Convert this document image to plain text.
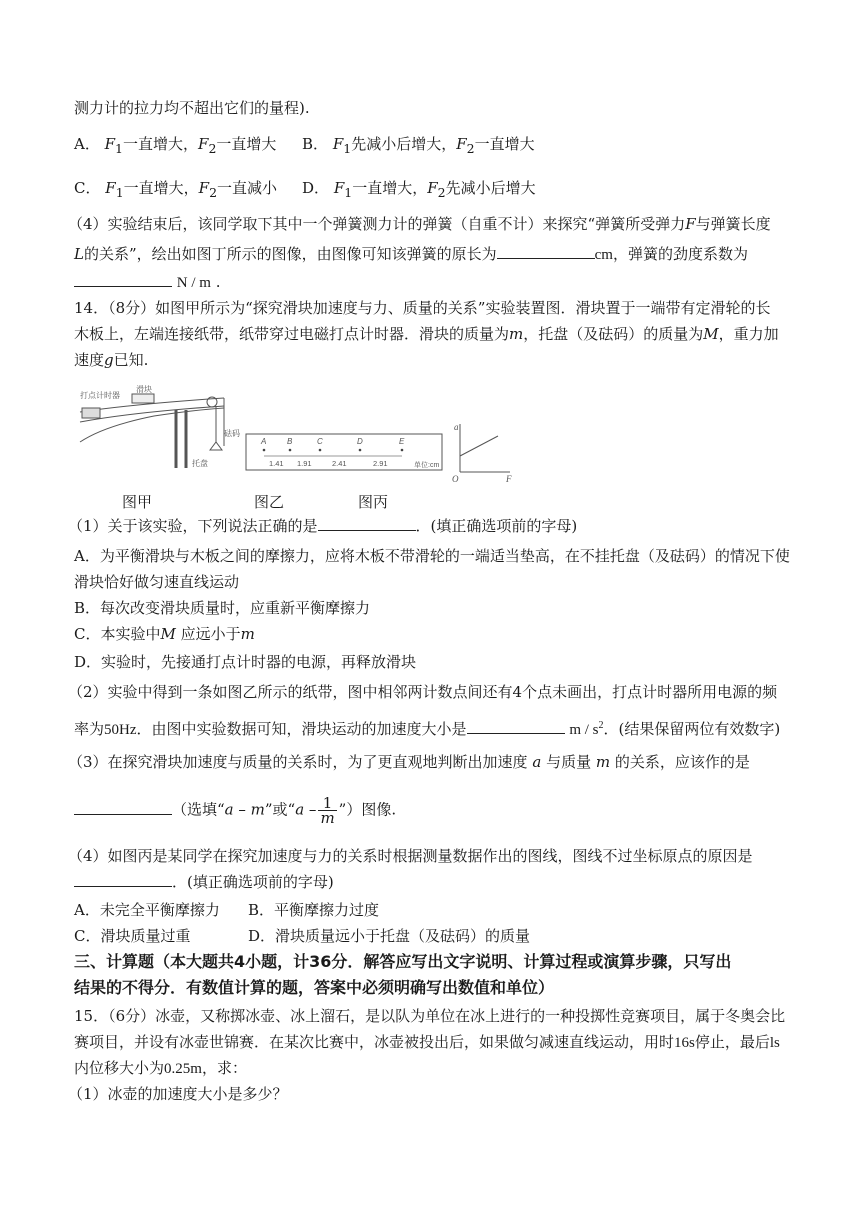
测力计的拉力均不超出它们的量程).
A． $F_1$一直增大，$F_2$一直增大 B． $F_1$先减小后增大，$F_2$一直增大
C． $F_1$一直增大，$F_2$一直减小 D． $F_1$一直增大，$F_2$先减小后增大
（4）实验结束后，该同学取下其中一个弹簧测力计的弹簧（自重不计）来探究“弹簧所受弹力F与弹簧长度
L的关系”，绘出如图丁所示的图像，由图像可知该弹簧的原长为	cm，弹簧的劲度系数为
N / m .
14．（8分）如图甲所示为“探究滑块加速度与力、质量的关系”实验装置图．滑块置于一端带有定滑轮的长
木板上，左端连接纸带，纸带穿过电磁打点计时器．滑块的质量为m，托盘（及砝码）的质量为M，重力加
速度g已知.
打点计时器
滑块
砝码
托盘
A	B	C	D	E
1.41 1.91	2.41	2.91	单位:cm
a
F
O
图甲	图乙	图丙
（1）关于该实验，下列说法正确的是	．(填正确选项前的字母)
A．为平衡滑块与木板之间的摩擦力，应将木板不带滑轮的一端适当垫高，在不挂托盘（及砝码）的情况下使
滑块恰好做匀速直线运动
B．每次改变滑块质量时，应重新平衡摩擦力
C．本实验中M 应远小于m
D．实验时，先接通打点计时器的电源，再释放滑块
（2）实验中得到一条如图乙所示的纸带，图中相邻两计数点间还有4个点未画出，打点计时器所用电源的频
率为50Hz．由图中实验数据可知，滑块运动的加速度大小是	m / $s^2$．(结果保留两位有效数字)
（3）在探究滑块加速度与质量的关系时，为了更直观地判断出加速度 a 与质量 m 的关系，应该作的是
（选填“a – m”或“a – $\frac{1}{m}$ ”）图像.
（4）如图丙是某同学在探究加速度与力的关系时根据测量数据作出的图线，图线不过坐标原点的原因是
．(填正确选项前的字母)
A．未完全平衡摩擦力 B．平衡摩擦力过度
C．滑块质量过重	D．滑块质量远小于托盘（及砝码）的质量
三、计算题（本大题共4小题，计36分．解答应写出文字说明、计算过程或演算步骤，只写出
结果的不得分．有数值计算的题，答案中必须明确写出数值和单位）
15．（6分）冰壶，又称掷冰壶、冰上溜石，是以队为单位在冰上进行的一种投掷性竞赛项目，属于冬奥会比
赛项目，并设有冰壶世锦赛．在某次比赛中，冰壶被投出后，如果做匀减速直线运动，用时16s停止，最后ls
内位移大小为0.25m，求：
（1）冰壶的加速度大小是多少？
